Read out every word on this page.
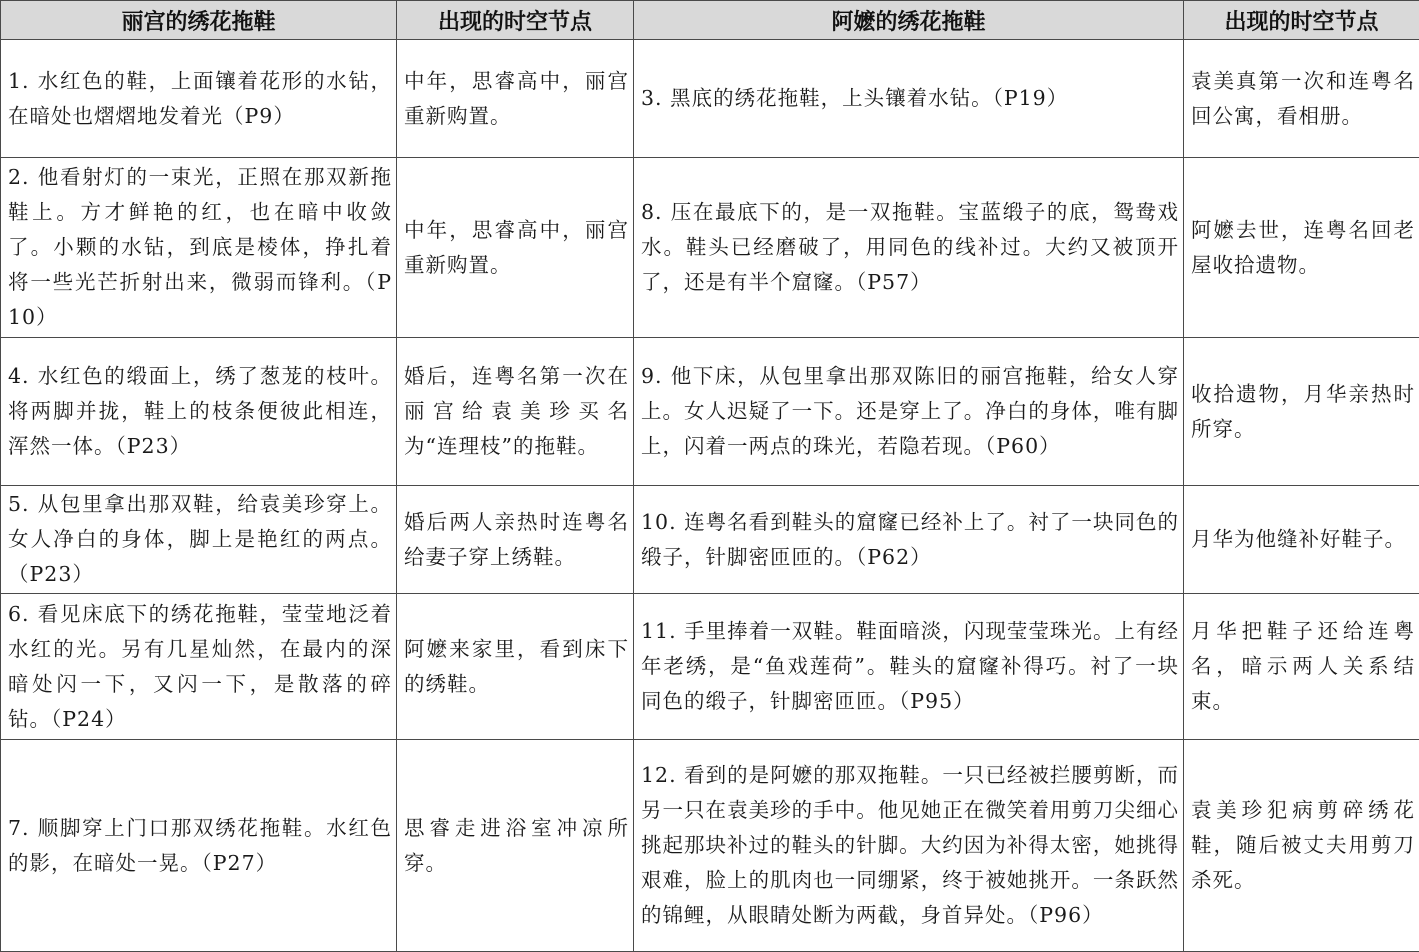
丽宫的绣花拖鞋	出现的时空节点	阿嬷的绣花拖鞋	出现的时空节点
1. 水红色的鞋，上面镶着花形的水钻，在暗处也熠熠地发着光（P9）	中年，思睿高中，丽宫重新购置。	3. 黑底的绣花拖鞋，上头镶着水钻。（P19）	袁美真第一次和连粤名回公寓，看相册。
2. 他看射灯的一束光，正照在那双新拖鞋上。方才鲜艳的红，也在暗中收敛了。小颗的水钻，到底是棱体，挣扎着将一些光芒折射出来，微弱而锋利。（P10）	中年，思睿高中，丽宫重新购置。	8. 压在最底下的，是一双拖鞋。宝蓝缎子的底，鸳鸯戏水。鞋头已经磨破了，用同色的线补过。大约又被顶开了，还是有半个窟窿。（P57）	阿嬷去世，连粤名回老屋收拾遗物。
4. 水红色的缎面上，绣了葱茏的枝叶。将两脚并拢，鞋上的枝条便彼此相连，浑然一体。（P23）	婚后，连粤名第一次在丽宫给袁美珍买名为“连理枝”的拖鞋。	9. 他下床，从包里拿出那双陈旧的丽宫拖鞋，给女人穿上。女人迟疑了一下。还是穿上了。净白的身体，唯有脚上，闪着一两点的珠光，若隐若现。（P60）	收拾遗物，月华亲热时所穿。
5. 从包里拿出那双鞋，给袁美珍穿上。女人净白的身体，脚上是艳红的两点。（P23）	婚后两人亲热时连粤名给妻子穿上绣鞋。	10. 连粤名看到鞋头的窟窿已经补上了。衬了一块同色的缎子，针脚密匝匝的。（P62）	月华为他缝补好鞋子。
6. 看见床底下的绣花拖鞋，莹莹地泛着水红的光。另有几星灿然，在最内的深暗处闪一下，又闪一下，是散落的碎钻。（P24）	阿嬷来家里，看到床下的绣鞋。	11. 手里捧着一双鞋。鞋面暗淡，闪现莹莹珠光。上有经年老绣，是“鱼戏莲荷”。鞋头的窟窿补得巧。衬了一块同色的缎子，针脚密匝匝。（P95）	月华把鞋子还给连粤名，暗示两人关系结束。
7. 顺脚穿上门口那双绣花拖鞋。水红色的影，在暗处一晃。（P27）	思睿走进浴室冲凉所穿。	12. 看到的是阿嬷的那双拖鞋。一只已经被拦腰剪断，而另一只在袁美珍的手中。他见她正在微笑着用剪刀尖细心挑起那块补过的鞋头的针脚。大约因为补得太密，她挑得艰难，脸上的肌肉也一同绷紧，终于被她挑开。一条跃然的锦鲤，从眼睛处断为两截，身首异处。（P96）	袁美珍犯病剪碎绣花鞋，随后被丈夫用剪刀杀死。
